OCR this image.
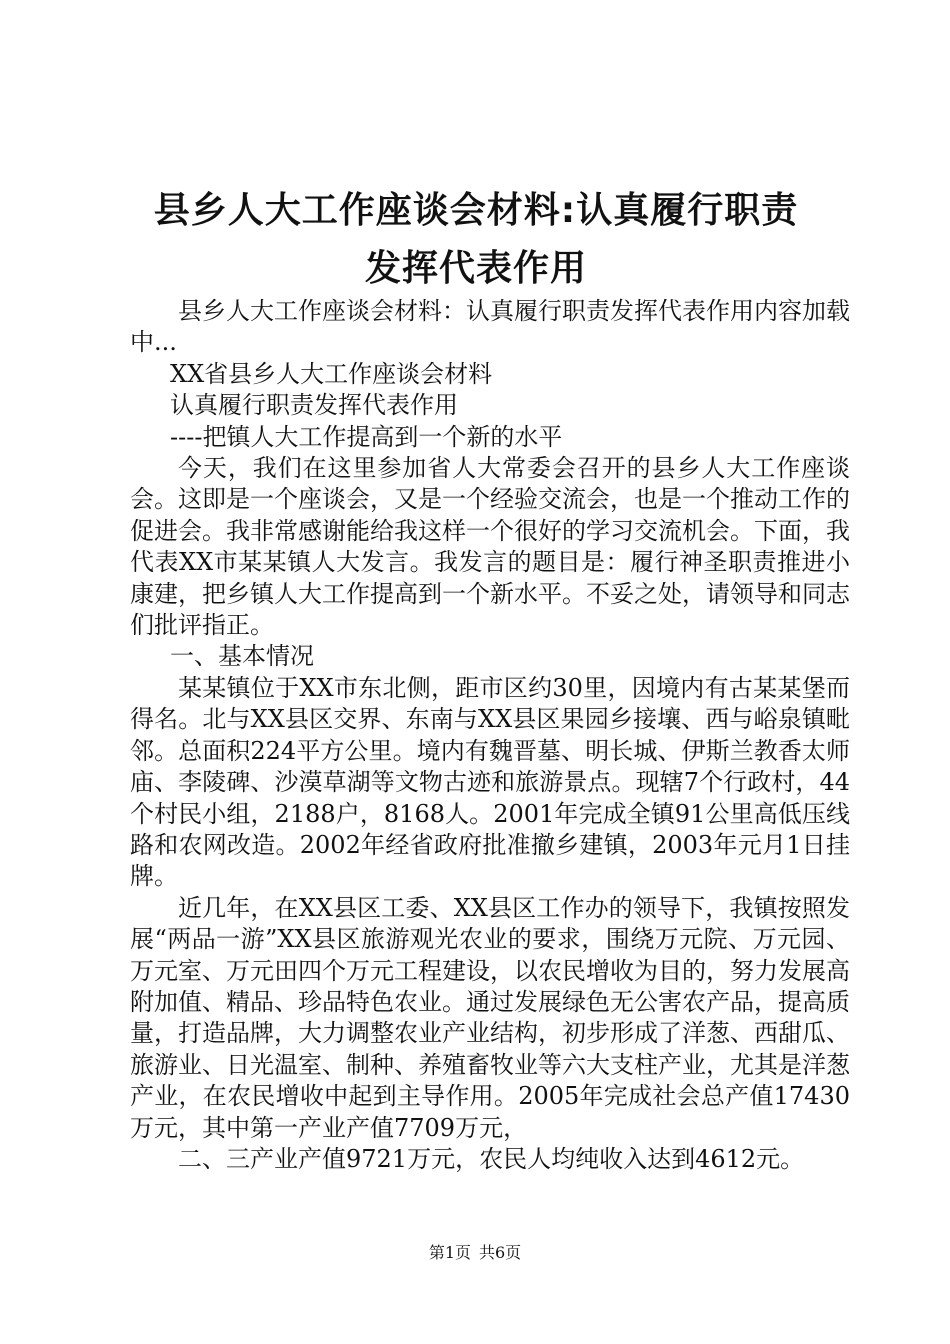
县乡人大工作座谈会材料:认真履行职责　发挥代表作用

县乡人大工作座谈会材料：认真履行职责发挥代表作用内容加载中...

XX省县乡人大工作座谈会材料

认真履行职责发挥代表作用

----把镇人大工作提高到一个新的水平

今天，我们在这里参加省人大常委会召开的县乡人大工作座谈会。这即是一个座谈会，又是一个经验交流会，也是一个推动工作的促进会。我非常感谢能给我这样一个很好的学习交流机会。下面，我代表XX市某某镇人大发言。我发言的题目是：履行神圣职责推进小康建，把乡镇人大工作提高到一个新水平。不妥之处，请领导和同志们批评指正。

一、基本情况

某某镇位于XX市东北侧，距市区约30里，因境内有古某某堡而得名。北与XX县区交界、东南与XX县区果园乡接壤、西与峪泉镇毗邻。总面积224平方公里。境内有魏晋墓、明长城、伊斯兰教香太师庙、李陵碑、沙漠草湖等文物古迹和旅游景点。现辖7个行政村，44个村民小组，2188户，8168人。2001年完成全镇91公里高低压线路和农网改造。2002年经省政府批准撤乡建镇，2003年元月1日挂牌。

近几年，在XX县区工委、XX县区工作办的领导下，我镇按照发展“两品一游”XX县区旅游观光农业的要求，围绕万元院、万元园、万元室、万元田四个万元工程建设，以农民增收为目的，努力发展高附加值、精品、珍品特色农业。通过发展绿色无公害农产品，提高质量，打造品牌，大力调整农业产业结构，初步形成了洋葱、西甜瓜、旅游业、日光温室、制种、养殖畜牧业等六大支柱产业，尤其是洋葱产业，在农民增收中起到主导作用。2005年完成社会总产值17430万元，其中第一产业产值7709万元，

二、三产业产值9721万元，农民人均纯收入达到4612元。

第1页 共6页
